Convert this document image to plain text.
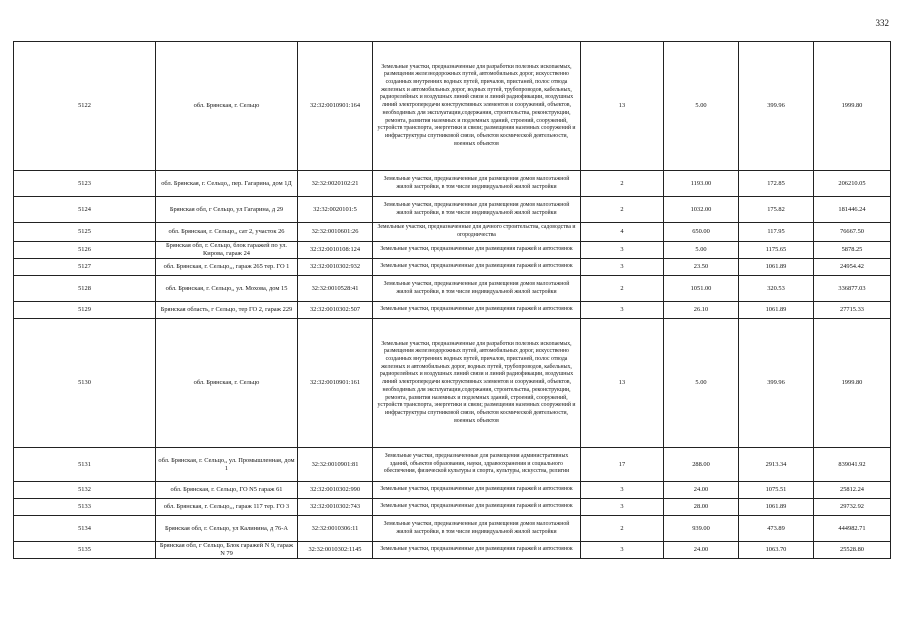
332
5122	обл. Брянская, г. Сельцо	32:32:0010901:164	Земельные участки, предназначенные для разработки полезных ископаемых, размещения железнодорожных путей, автомобильных дорог, искусственно созданных внутренних водных путей, причалов, пристаней, полос отвода железных и автомобильных дорог, водных путей, трубопроводов, кабельных, радиорелейных и воздушных линий связи и линий радиофикации, воздушных линий электропередачи конструктивных элементов и сооружений, объектов, необходимых для эксплуатации,содержания, строительства, реконструкции, ремонта, развития наземных и подземных зданий, строений, сооружений, устройств транспорта, энергетики и связи; размещения наземных сооружений и инфраструктуры спутниковой связи, объектов космической деятельности, военных объектов	13	5.00	399.96	1999.80
5123	обл. Брянская, г. Сельцо,, пер. Гагарина, дом 1Д	32:32:0020102:21	Земельные участки, предназначенные для размещения домов малоэтажной жилой застройки, в том числе индивидуальной жилой застройки	2	1193.00	172.85	206210.05
5124	Брянская обл, г Сельцо, ул Гагарина, д 29	32:32:0020101:5	Земельные участки, предназначенные для размещения домов малоэтажной жилой застройки, в том числе индивидуальной жилой застройки	2	1032.00	175.82	181446.24
5125	обл. Брянская, г. Сельцо,, сат 2, участок 26	32:32:0010601:26	Земельные участки, предназначенные для дачного строительства, садоводства и огородничества	4	650.00	117.95	76667.50
5126	Брянская обл, г. Сельцо, блок гаражей по ул. Кирова, гараж 24	32:32:0010108:124	Земельные участки, предназначенные для размещения гаражей и автостоянок	3	5.00	1175.65	5878.25
5127	обл. Брянская, г. Сельцо,,, гараж 265 тер. ГО 1	32:32:0010302:932	Земельные участки, предназначенные для размещения гаражей и автостоянок	3	23.50	1061.89	24954.42
5128	обл. Брянская, г. Сельцо,, ул. Мохова, дом 15	32:32:0010528:41	Земельные участки, предназначенные для размещения домов малоэтажной жилой застройки, в том числе индивидуальной жилой застройки	2	1051.00	320.53	336877.03
5129	Брянская область, г Сельцо, тер ГО 2, гараж 229	32:32:0010302:507	Земельные участки, предназначенные для размещения гаражей и автостоянок	3	26.10	1061.89	27715.33
5130	обл. Брянская, г. Сельцо	32:32:0010901:161	Земельные участки, предназначенные для разработки полезных ископаемых, размещения железнодорожных путей, автомобильных дорог, искусственно созданных внутренних водных путей, причалов, пристаней, полос отвода железных и автомобильных дорог, водных путей, трубопроводов, кабельных, радиорелейных и воздушных линий связи и линий радиофикации, воздушных линий электропередачи конструктивных элементов и сооружений, объектов, необходимых для эксплуатации,содержания, строительства, реконструкции, ремонта, развития наземных и подземных зданий, строений, сооружений, устройств транспорта, энергетики и связи; размещения наземных сооружений и инфраструктуры спутниковой связи, объектов космической деятельности, военных объектов	13	5.00	399.96	1999.80
5131	обл. Брянская, г. Сельцо,, ул. Промышленная, дом 1	32:32:0010901:81	Земельные участки, предназначенные для размещения административных зданий, объектов образования, науки, здравоохранения и социального обеспечения, физической культуры и спорта, культуры, искусства, религии	17	288.00	2913.34	839041.92
5132	обл. Брянская, г. Сельцо, ГО N5 гараж 61	32:32:0010302:990	Земельные участки, предназначенные для размещения гаражей и автостоянок	3	24.00	1075.51	25812.24
5133	обл. Брянская, г. Сельцо,,, гараж 117 тер. ГО 3	32:32:0010302:743	Земельные участки, предназначенные для размещения гаражей и автостоянок	3	28.00	1061.89	29732.92
5134	Брянская обл, г. Сельцо, ул Калинина, д 76-А	32:32:0010306:11	Земельные участки, предназначенные для размещения домов малоэтажной жилой застройки, в том числе индивидуальной жилой застройки	2	939.00	473.89	444982.71
5135	Брянская обл, г Сельцо, Блок гаражей N 9, гараж N 79	32:32:0010302:1145	Земельные участки, предназначенные для размещения гаражей и автостоянок	3	24.00	1063.70	25528.80
